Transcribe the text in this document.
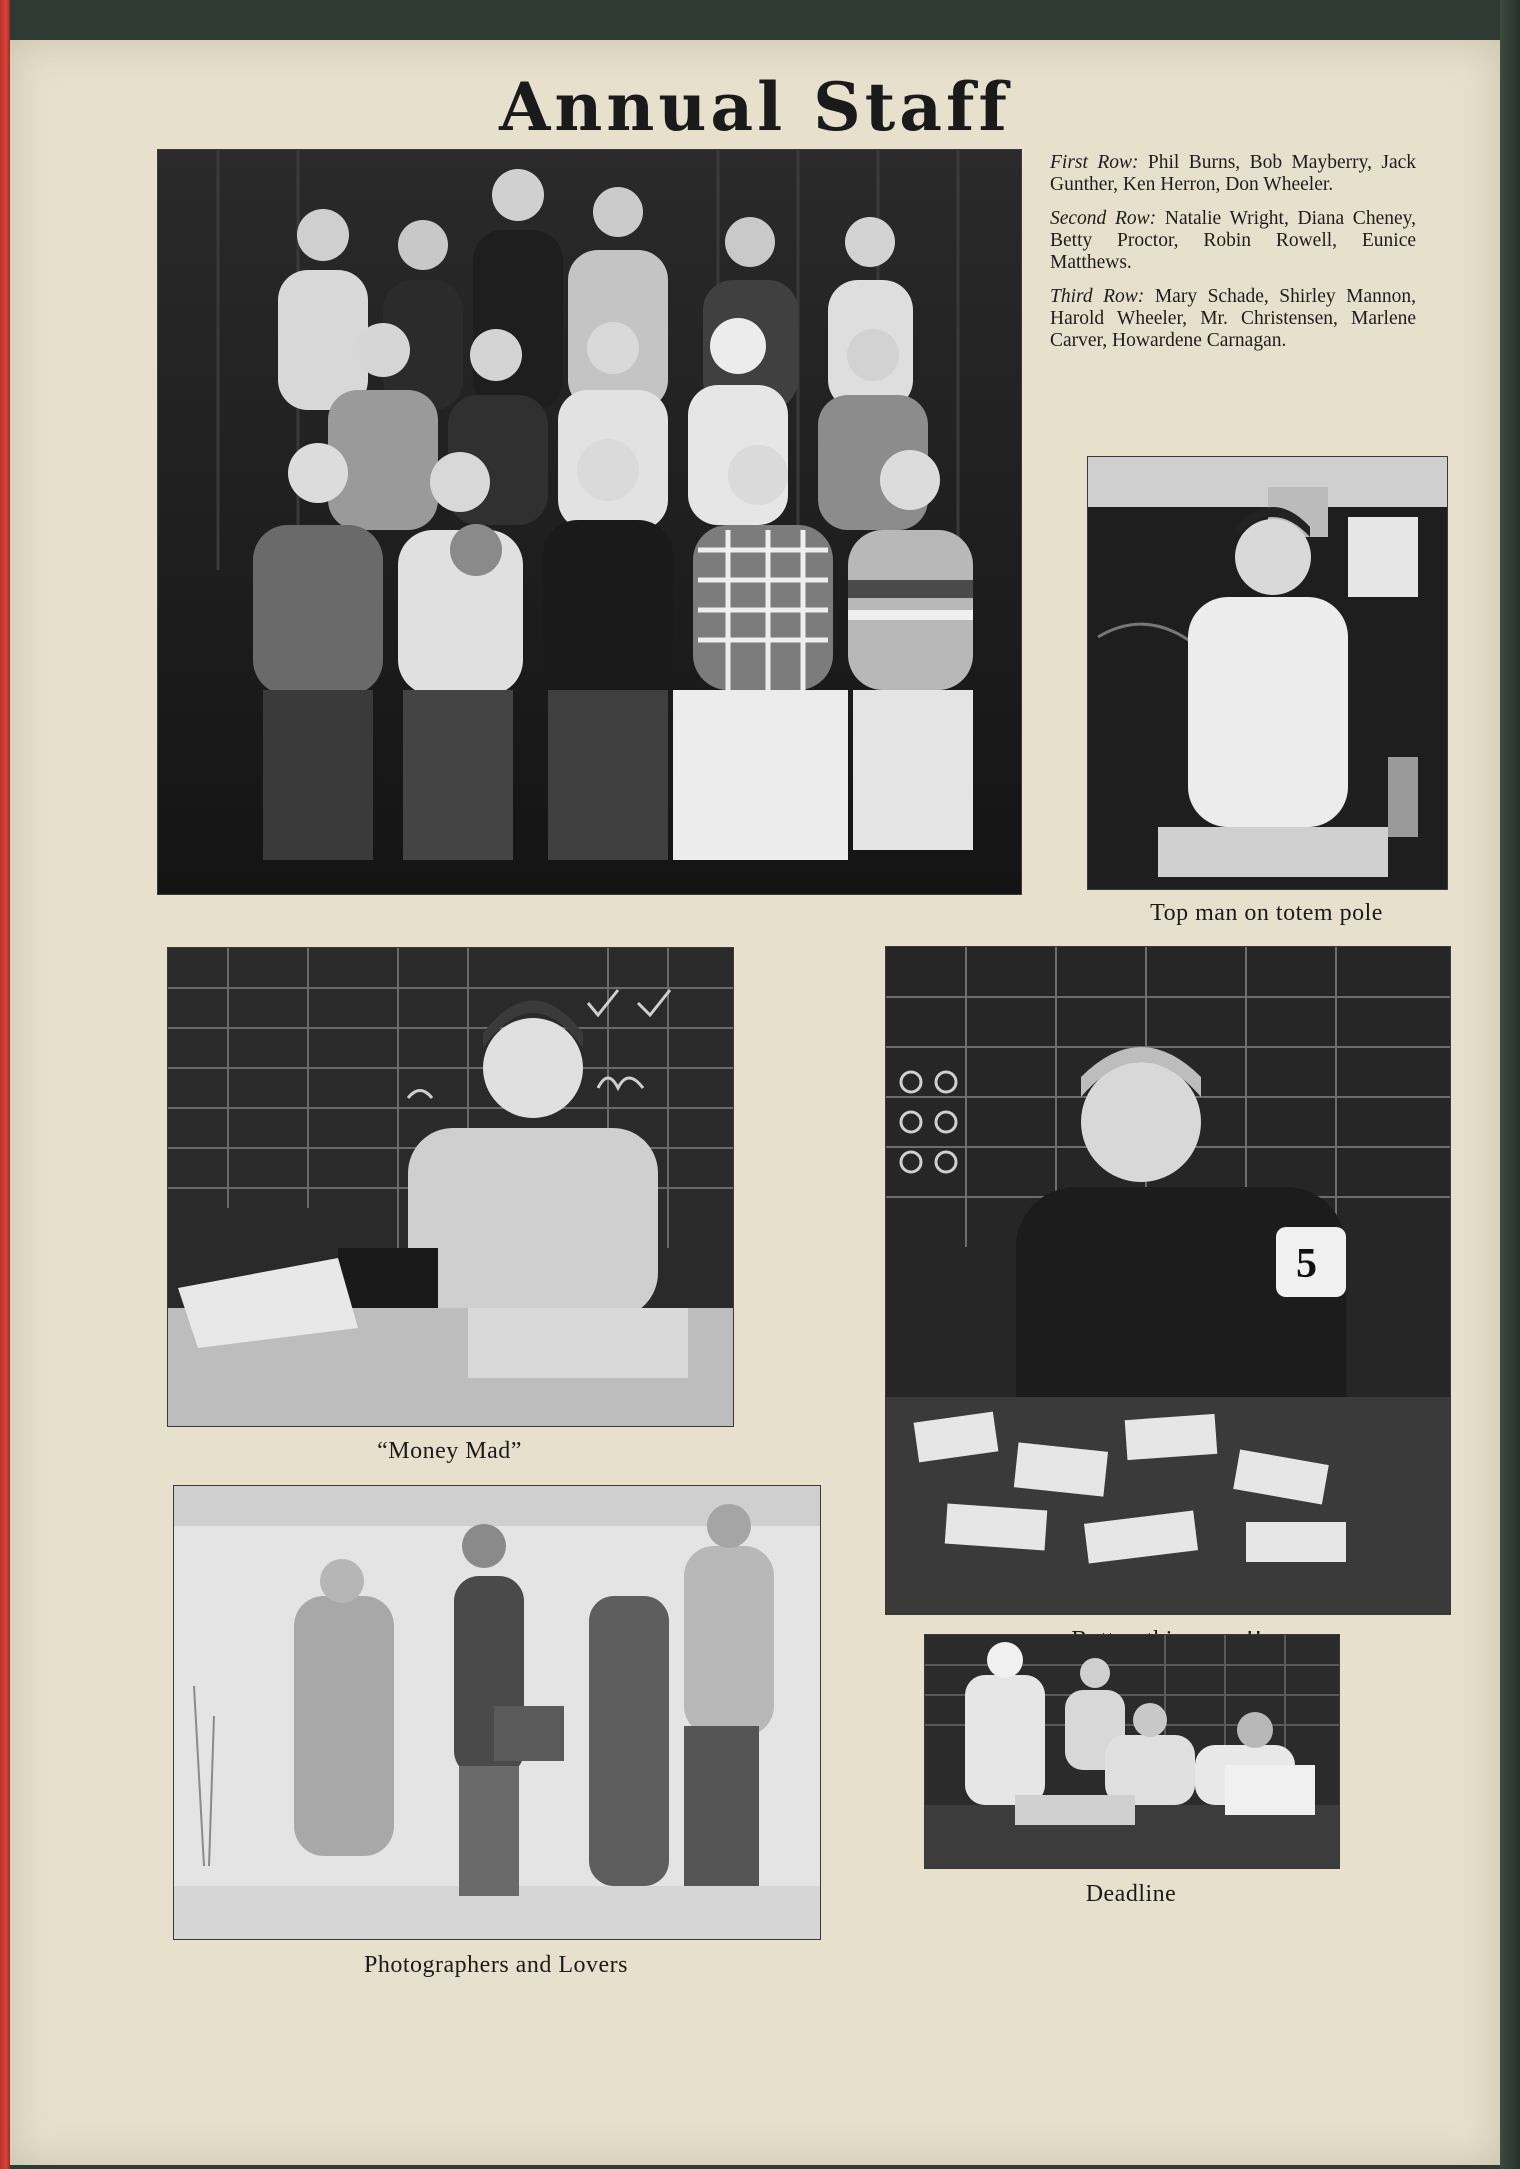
Annual Staff

First Row: Phil Burns, Bob Mayberry, Jack Gunther, Ken Herron, Don Wheeler.

Second Row: Natalie Wright, Diana Cheney, Betty Proctor, Robin Rowell, Eunice Matthews.

Third Row: Mary Schade, Shirley Mannon, Harold Wheeler, Mr. Christensen, Marlene Carver, Howardene Carnagan.

Top man on totem pole

“Money Mad”

5

Photographers and Lovers

Deadline
